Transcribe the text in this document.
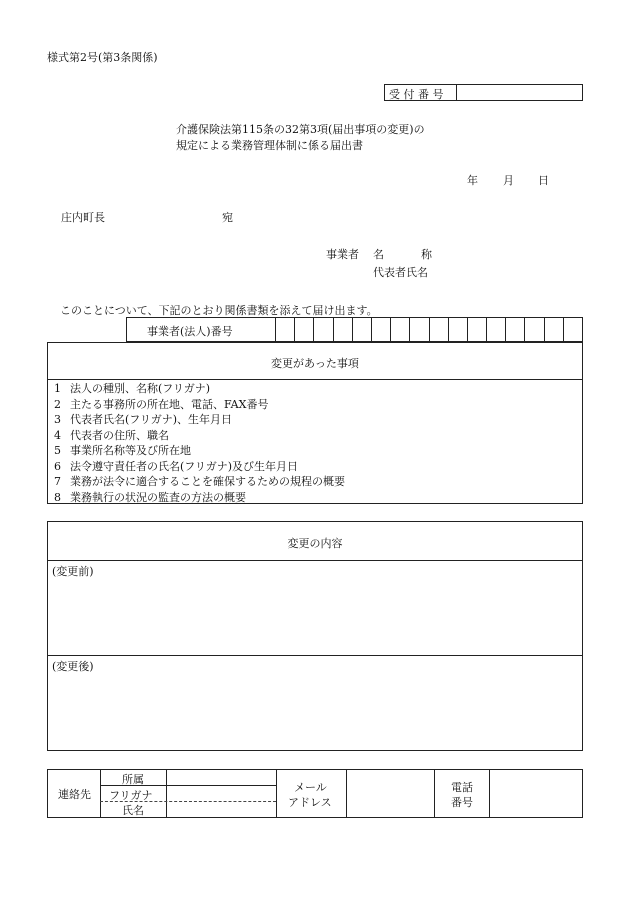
様式第2号(第3条関係)
受 付 番 号
介護保険法第115条の32第3項(届出事項の変更)の
規定による業務管理体制に係る届出書
年 月 日
庄内町長	宛
事業者 名	称
代表者氏名
このことについて、下記のとおり関係書類を添えて届け出ます。
事業者(法人)番号
変更があった事項
1 法人の種別、名称(フリガナ)
2 主たる事務所の所在地、電話、FAX番号
3 代表者氏名(フリガナ)、生年月日
4 代表者の住所、職名
5 事業所名称等及び所在地
6 法令遵守責任者の氏名(フリガナ)及び生年月日
7 業務が法令に適合することを確保するための規程の概要
8 業務執行の状況の監査の方法の概要
変更の内容
(変更前)
(変更後)
連絡先
所属
フリガナ
氏名
メール
アドレス
電話
番号
